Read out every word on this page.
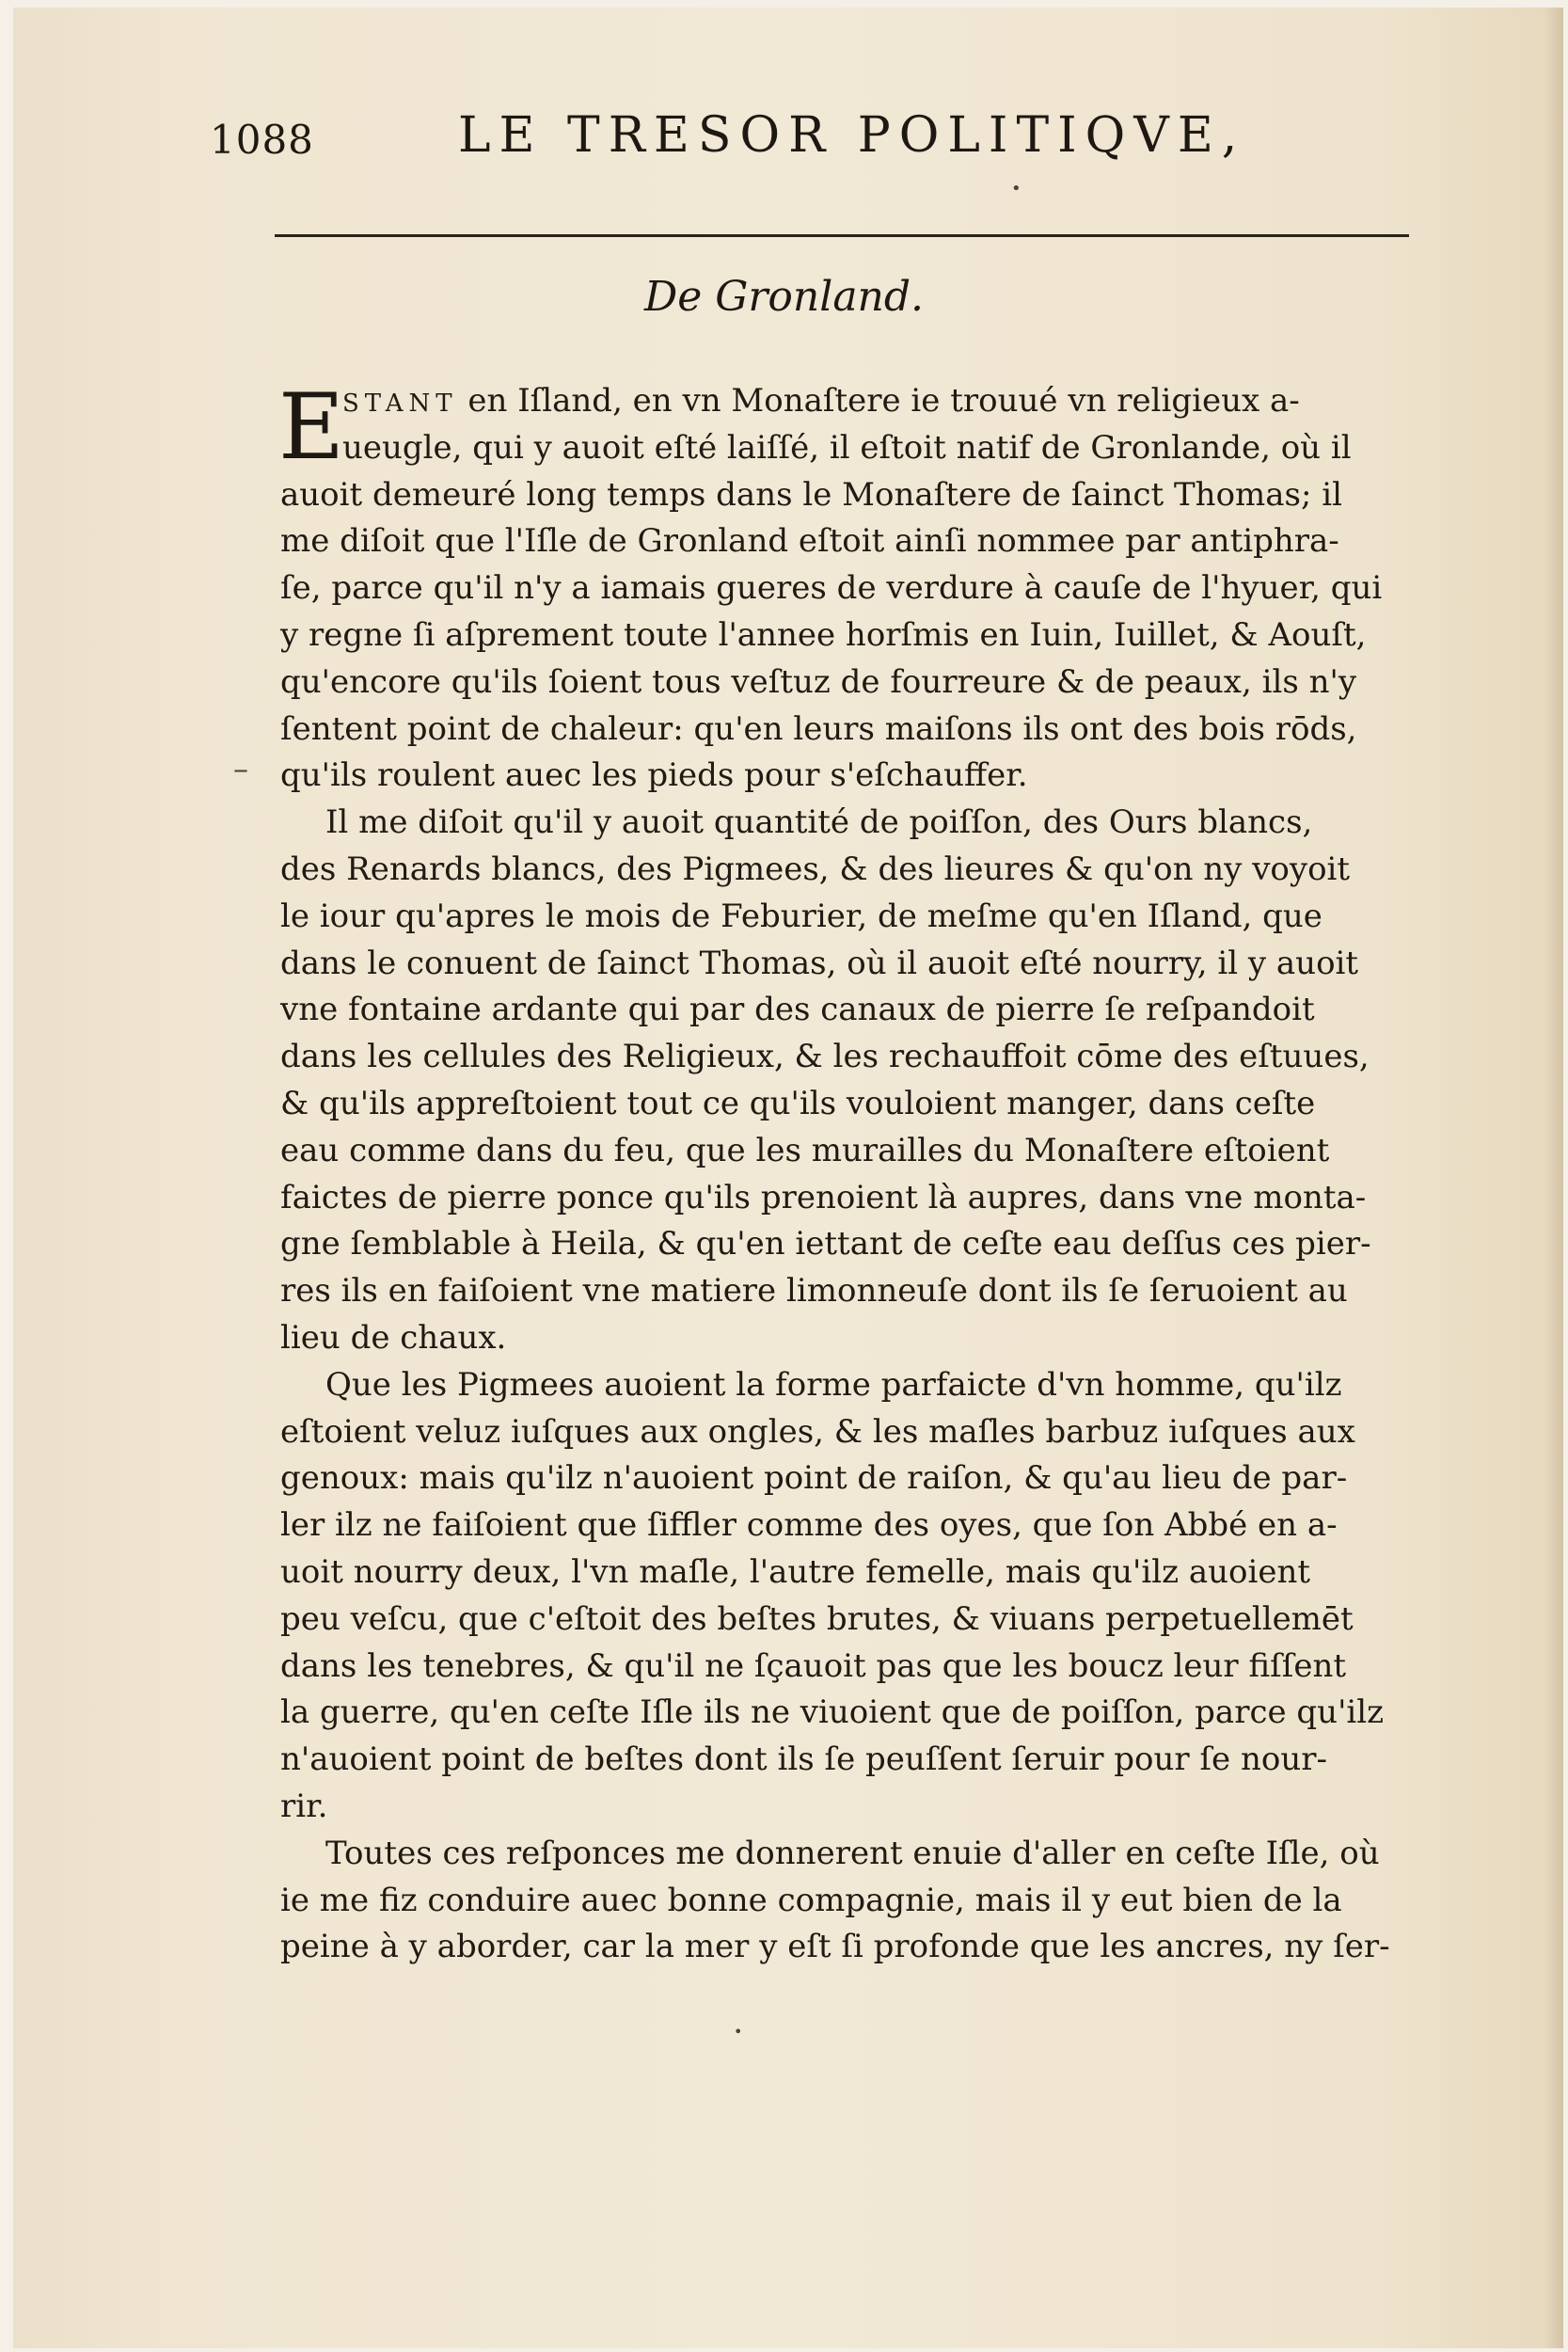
1088	LE TRESOR POLITIQVE,
De Gronland.
E
STANT en Iſland, en vn Monaſtere ie trouué vn religieux a-
ueugle, qui y auoit eſté laiſſé, il eſtoit natif de Gronlande, où il
auoit demeuré long temps dans le Monaſtere de ſainct Thomas; il
me diſoit que l'Iſle de Gronland eſtoit ainſi nommee par antiphra-
ſe, parce qu'il n'y a iamais gueres de verdure à cauſe de l'hyuer, qui
y regne ſi aſprement toute l'annee horſmis en Iuin, Iuillet, & Aouſt,
qu'encore qu'ils ſoient tous veſtuz de fourreure & de peaux, ils n'y
ſentent point de chaleur: qu'en leurs maiſons ils ont des bois rōds,
qu'ils roulent auec les pieds pour s'eſchauffer.
Il me diſoit qu'il y auoit quantité de poiſſon, des Ours blancs,
des Renards blancs, des Pigmees, & des lieures & qu'on ny voyoit
le iour qu'apres le mois de Feburier, de meſme qu'en Iſland, que
dans le conuent de ſainct Thomas, où il auoit eſté nourry, il y auoit
vne fontaine ardante qui par des canaux de pierre ſe reſpandoit
dans les cellules des Religieux, & les rechauffoit cōme des eſtuues,
& qu'ils appreſtoient tout ce qu'ils vouloient manger, dans ceſte
eau comme dans du feu, que les murailles du Monaſtere eſtoient
faictes de pierre ponce qu'ils prenoient là aupres, dans vne monta-
gne ſemblable à Heila, & qu'en iettant de ceſte eau deſſus ces pier-
res ils en faiſoient vne matiere limonneuſe dont ils ſe ſeruoient au
lieu de chaux.
Que les Pigmees auoient la forme parfaicte d'vn homme, qu'ilz
eſtoient veluz iuſques aux ongles, & les maſles barbuz iuſques aux
genoux: mais qu'ilz n'auoient point de raiſon, & qu'au lieu de par-
ler ilz ne faiſoient que ſiffler comme des oyes, que ſon Abbé en a-
uoit nourry deux, l'vn maſle, l'autre femelle, mais qu'ilz auoient
peu veſcu, que c'eſtoit des beſtes brutes, & viuans perpetuellemēt
dans les tenebres, & qu'il ne ſçauoit pas que les boucz leur fiſſent
la guerre, qu'en ceſte Iſle ils ne viuoient que de poiſſon, parce qu'ilz
n'auoient point de beſtes dont ils ſe peuſſent ſeruir pour ſe nour-
rir.
Toutes ces reſponces me donnerent enuie d'aller en ceſte Iſle, où
ie me fiz conduire auec bonne compagnie, mais il y eut bien de la
peine à y aborder, car la mer y eſt ſi profonde que les ancres, ny ſer-
•
–
•
